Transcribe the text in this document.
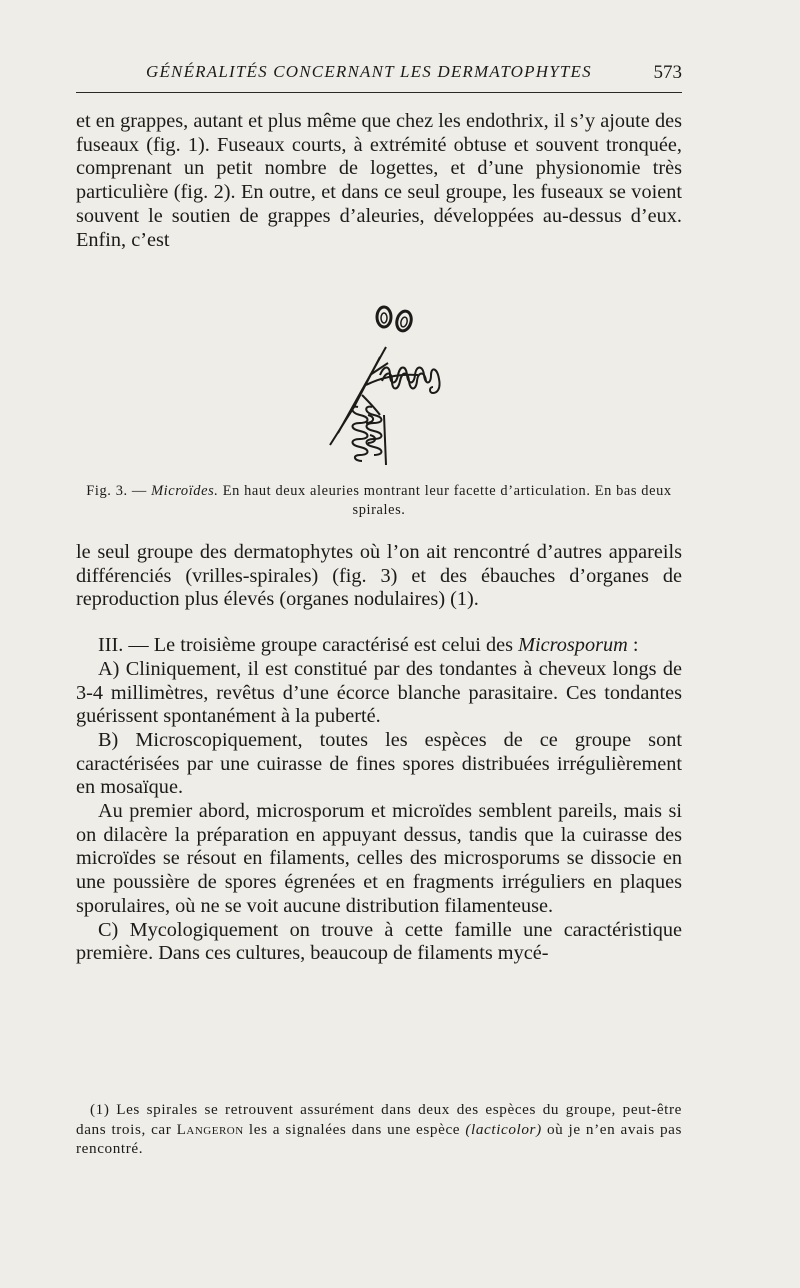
GÉNÉRALITÉS CONCERNANT LES DERMATOPHYTES	573

et en grappes, autant et plus même que chez les endothrix, il s’y ajoute des fuseaux (fig. 1). Fuseaux courts, à extrémité obtuse et souvent tronquée, comprenant un petit nombre de logettes, et d’une physionomie très particulière (fig. 2). En outre, et dans ce seul groupe, les fuseaux se voient souvent le soutien de grappes d’aleuries, développées au-dessus d’eux. Enfin, c’est

Fig. 3. — Microïdes. En haut deux aleuries montrant leur facette d’articulation. En bas deux spirales.

le seul groupe des dermatophytes où l’on ait rencontré d’autres appareils différenciés (vrilles-spirales) (fig. 3) et des ébauches d’organes de reproduction plus élevés (organes nodulaires) (1).

III. — Le troisième groupe caractérisé est celui des Microsporum :

A) Cliniquement, il est constitué par des tondantes à cheveux longs de 3-4 millimètres, revêtus d’une écorce blanche parasitaire. Ces tondantes guérissent spontanément à la puberté.

B) Microscopiquement, toutes les espèces de ce groupe sont caractérisées par une cuirasse de fines spores distribuées irrégulièrement en mosaïque.

Au premier abord, microsporum et microïdes semblent pareils, mais si on dilacère la préparation en appuyant dessus, tandis que la cuirasse des microïdes se résout en filaments, celles des microsporums se dissocie en une poussière de spores égrenées et en fragments irréguliers en plaques sporulaires, où ne se voit aucune distribution filamenteuse.

C) Mycologiquement on trouve à cette famille une caractéristique première. Dans ces cultures, beaucoup de filaments mycé-

(1) Les spirales se retrouvent assurément dans deux des espèces du groupe, peut-être dans trois, car Langeron les a signalées dans une espèce (lacticolor) où je n’en avais pas rencontré.
